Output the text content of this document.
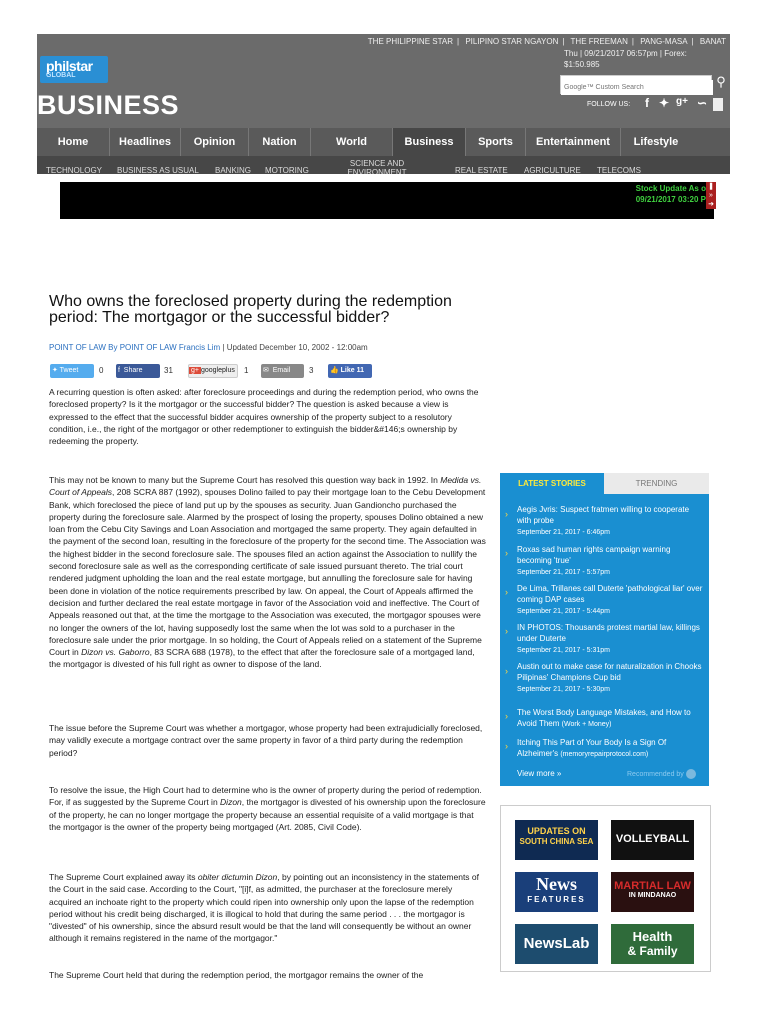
THE PHILIPPINE STAR | PILIPINO STAR NGAYON | THE FREEMAN | PANG-MASA | BANAT
Thu | 09/21/2017 06:57pm | Forex:
$1:50.985
philstar
GLOBAL
BUSINESS
Google™ Custom Search
⚲
FOLLOW US:	f ✦ g+ ∽
Home	Headlines	Opinion	Nation	World	Business	Sports	Entertainment	Lifestyle
TECHNOLOGY BUSINESS AS USUAL BANKING MOTORING
SCIENCE AND ENVIRONMENT	REAL ESTATE AGRICULTURE TELECOMS
Stock Update As o
09/21/2017 03:20 P
❚
»
➜
Who owns the foreclosed property during the redemption period: The mortgagor or the successful bidder?
POINT OF LAW By POINT OF LAW Francis Lim | Updated December 10, 2002 - 12:00am
✦ Tweet	0 f Share	31	g+ googleplus	1 ✉ Email	3 👍 Like 11

A recurring question is often asked: after foreclosure proceedings and during the redemption period, who owns the foreclosed property? Is it the mortgagor or the successful bidder? The question is asked because a view is expressed to the effect that the successful bidder acquires ownership of the property subject to a resolutory condition, i.e., the right of the mortgagor or other redemptioner to extinguish the bidder&#146;s ownership by redeeming the property.

This may not be known to many but the Supreme Court has resolved this question way back in 1992. In Medida vs. Court of Appeals, 208 SCRA 887 (1992), spouses Dolino failed to pay their mortgage loan to the Cebu Development Bank, which foreclosed the piece of land put up by the spouses as security. Juan Gandioncho purchased the property during the foreclosure sale. Alarmed by the prospect of losing the property, spouses Dolino obtained a new loan from the Cebu City Savings and Loan Association and mortgaged the same property. They again defaulted in the payment of the second loan, resulting in the foreclosure of the property for the second time. The Association was the highest bidder in the second foreclosure sale. The spouses filed an action against the Association to nullify the second foreclosure sale as well as the corresponding certificate of sale issued pursuant thereto. The trial court rendered judgment upholding the loan and the real estate mortgage, but annulling the foreclosure sale for having been done in violation of the notice requirements prescribed by law. On appeal, the Court of Appeals affirmed the decision and further declared the real estate mortgage in favor of the Association void and ineffective. The Court of Appeals reasoned out that, at the time the mortgage to the Association was executed, the mortgagor spouses were no longer the owners of the lot, having supposedly lost the same when the lot was sold to a purchaser in the foreclosure sale under the prior mortgage. In so holding, the Court of Appeals relied on a statement of the Supreme Court in Dizon vs. Gaborro, 83 SCRA 688 (1978), to the effect that after the foreclosure sale of a mortgaged land, the mortgagor is divested of his full right as owner to dispose of the land.

The issue before the Supreme Court was whether a mortgagor, whose property had been extrajudicially foreclosed, may validly execute a mortgage contract over the same property in favor of a third party during the redemption period?

To resolve the issue, the High Court had to determine who is the owner of property during the period of redemption. For, if as suggested by the Supreme Court in Dizon, the mortgagor is divested of his ownership upon the foreclosure of the property, he can no longer mortgage the property because an essential requisite of a valid mortgage is that the mortgagor is the owner of the property being mortgaged (Art. 2085, Civil Code).

The Supreme Court explained away its obiter dictumin Dizon, by pointing out an inconsistency in the statements of the Court in the said case. According to the Court, "[i]f, as admitted, the purchaser at the foreclosure merely acquired an inchoate right to the property which could ripen into ownership only upon the lapse of the redemption period without his credit being discharged, it is illogical to hold that during the same period . . . the mortgagor is "divested" of his ownership, since the absurd result would be that the land will consequently be without an owner although it remains registered in the name of the mortgagor."

The Supreme Court held that during the redemption period, the mortgagor remains the owner of the

LATEST STORIES	TRENDING
› Aegis Jvris: Suspect fratmen willing to cooperate with probe
September 21, 2017 - 6:46pm
› Roxas sad human rights campaign warning becoming 'true'
September 21, 2017 - 5:57pm
› De Lima, Trillanes call Duterte 'pathological liar' over coming DAP cases
September 21, 2017 - 5:44pm
› IN PHOTOS: Thousands protest martial law, killings under Duterte
September 21, 2017 - 5:31pm
› Austin out to make case for naturalization in Chooks Pilipinas' Champions Cup bid
September 21, 2017 - 5:30pm
› The Worst Body Language Mistakes, and How to Avoid Them (Work + Money)
› Itching This Part of Your Body Is a Sign Of Alzheimer's (memoryrepairprotocol.com)
View more »	Recommended by
UPDATES ON
SOUTH CHINA SEA	VOLLEYBALL
News
FEATURES
MARTIAL LAW
IN MINDANAO
NewsLab	Health
& Family
